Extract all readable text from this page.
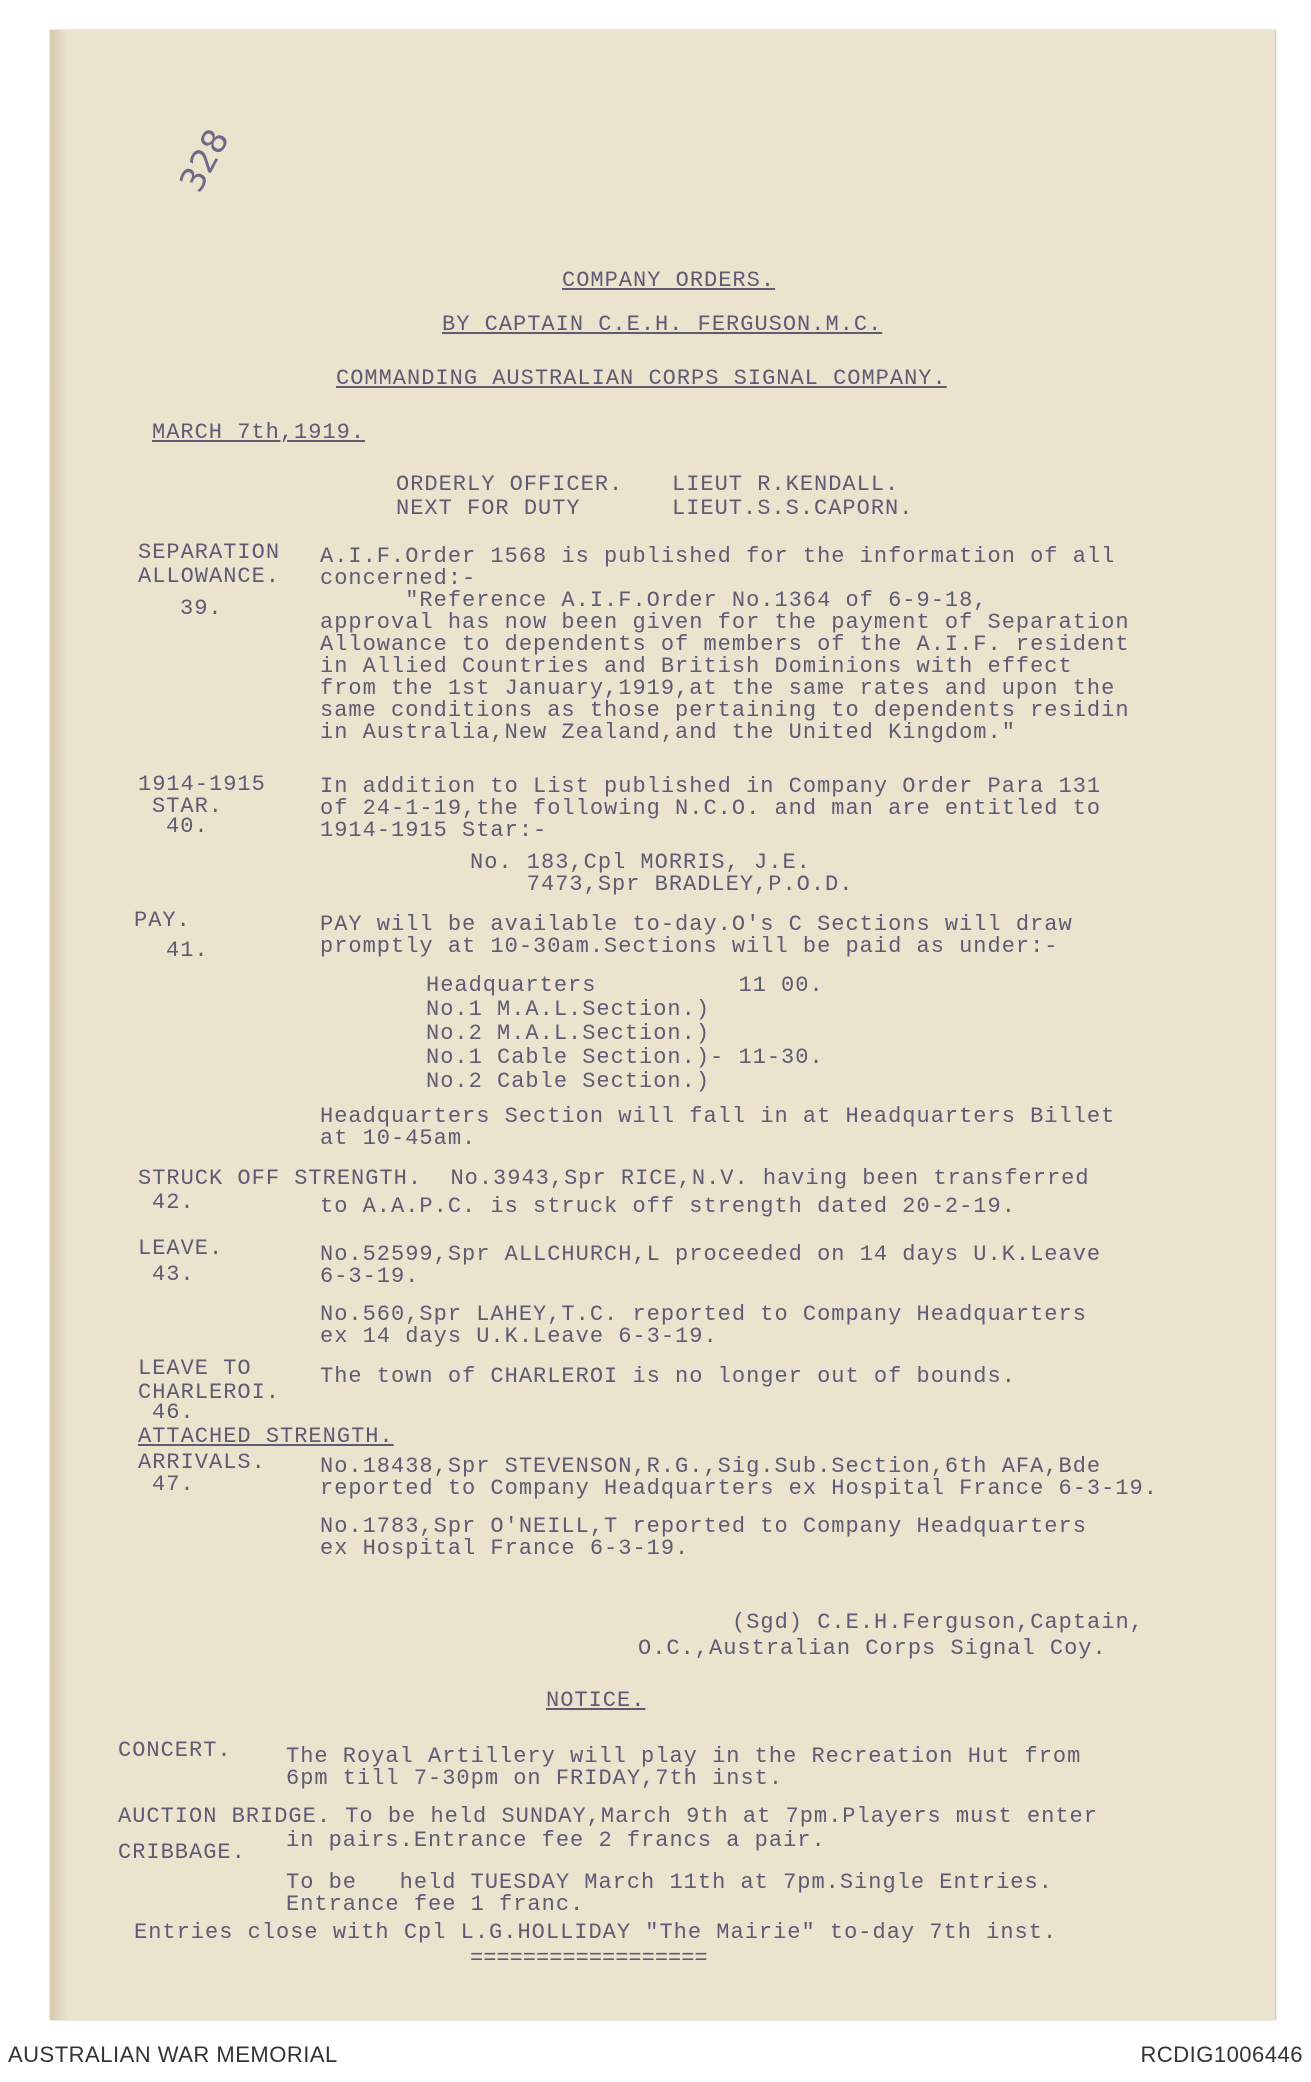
328
COMPANY ORDERS.
BY CAPTAIN C.E.H. FERGUSON.M.C.
COMMANDING AUSTRALIAN CORPS SIGNAL COMPANY.
MARCH 7th,1919.
ORDERLY OFFICER. LIEUT R.KENDALL.
NEXT FOR DUTY	LIEUT.S.S.CAPORN.
SEPARATION
ALLOWANCE.
39.
A.I.F.Order 1568 is published for the information of all
concerned:-
"Reference A.I.F.Order No.1364 of 6-9-18,
approval has now been given for the payment of Separation
Allowance to dependents of members of the A.I.F. resident
in Allied Countries and British Dominions with effect
from the 1st January,1919,at the same rates and upon the
same conditions as those pertaining to dependents residin
in Australia,New Zealand,and the United Kingdom."
1914-1915
STAR.
40.
In addition to List published in Company Order Para 131
of 24-1-19,the following N.C.O. and man are entitled to
1914-1915 Star:-
No. 183,Cpl MORRIS, J.E.
7473,Spr BRADLEY,P.O.D.
PAY.
41.
PAY will be available to-day.O's C Sections will draw
promptly at 10-30am.Sections will be paid as under:-
Headquarters          11 00.
No.1 M.A.L.Section.)
No.2 M.A.L.Section.)
No.1 Cable Section.)- 11-30.
No.2 Cable Section.)
Headquarters Section will fall in at Headquarters Billet
at 10-45am.
STRUCK OFF STRENGTH.  No.3943,Spr RICE,N.V. having been transferred
42.	to A.A.P.C. is struck off strength dated 20-2-19.
LEAVE.
43.
No.52599,Spr ALLCHURCH,L proceeded on 14 days U.K.Leave
6-3-19.
No.560,Spr LAHEY,T.C. reported to Company Headquarters
ex 14 days U.K.Leave 6-3-19.
LEAVE TO
CHARLEROI.
46.
The town of CHARLEROI is no longer out of bounds.
ATTACHED STRENGTH.
ARRIVALS.
47.
No.18438,Spr STEVENSON,R.G.,Sig.Sub.Section,6th AFA,Bde
reported to Company Headquarters ex Hospital France 6-3-19.
No.1783,Spr O'NEILL,T reported to Company Headquarters
ex Hospital France 6-3-19.
(Sgd) C.E.H.Ferguson,Captain,
O.C.,Australian Corps Signal Coy.
NOTICE.
CONCERT. The Royal Artillery will play in the Recreation Hut from
6pm till 7-30pm on FRIDAY,7th inst.
AUCTION BRIDGE. To be held SUNDAY,March 9th at 7pm.Players must enter
in pairs.Entrance fee 2 francs a pair.
CRIBBAGE.
To be   held TUESDAY March 11th at 7pm.Single Entries.
Entrance fee 1 franc.
Entries close with Cpl L.G.HOLLIDAY "The Mairie" to-day 7th inst.
==================
AUSTRALIAN WAR MEMORIAL	RCDIG1006446
